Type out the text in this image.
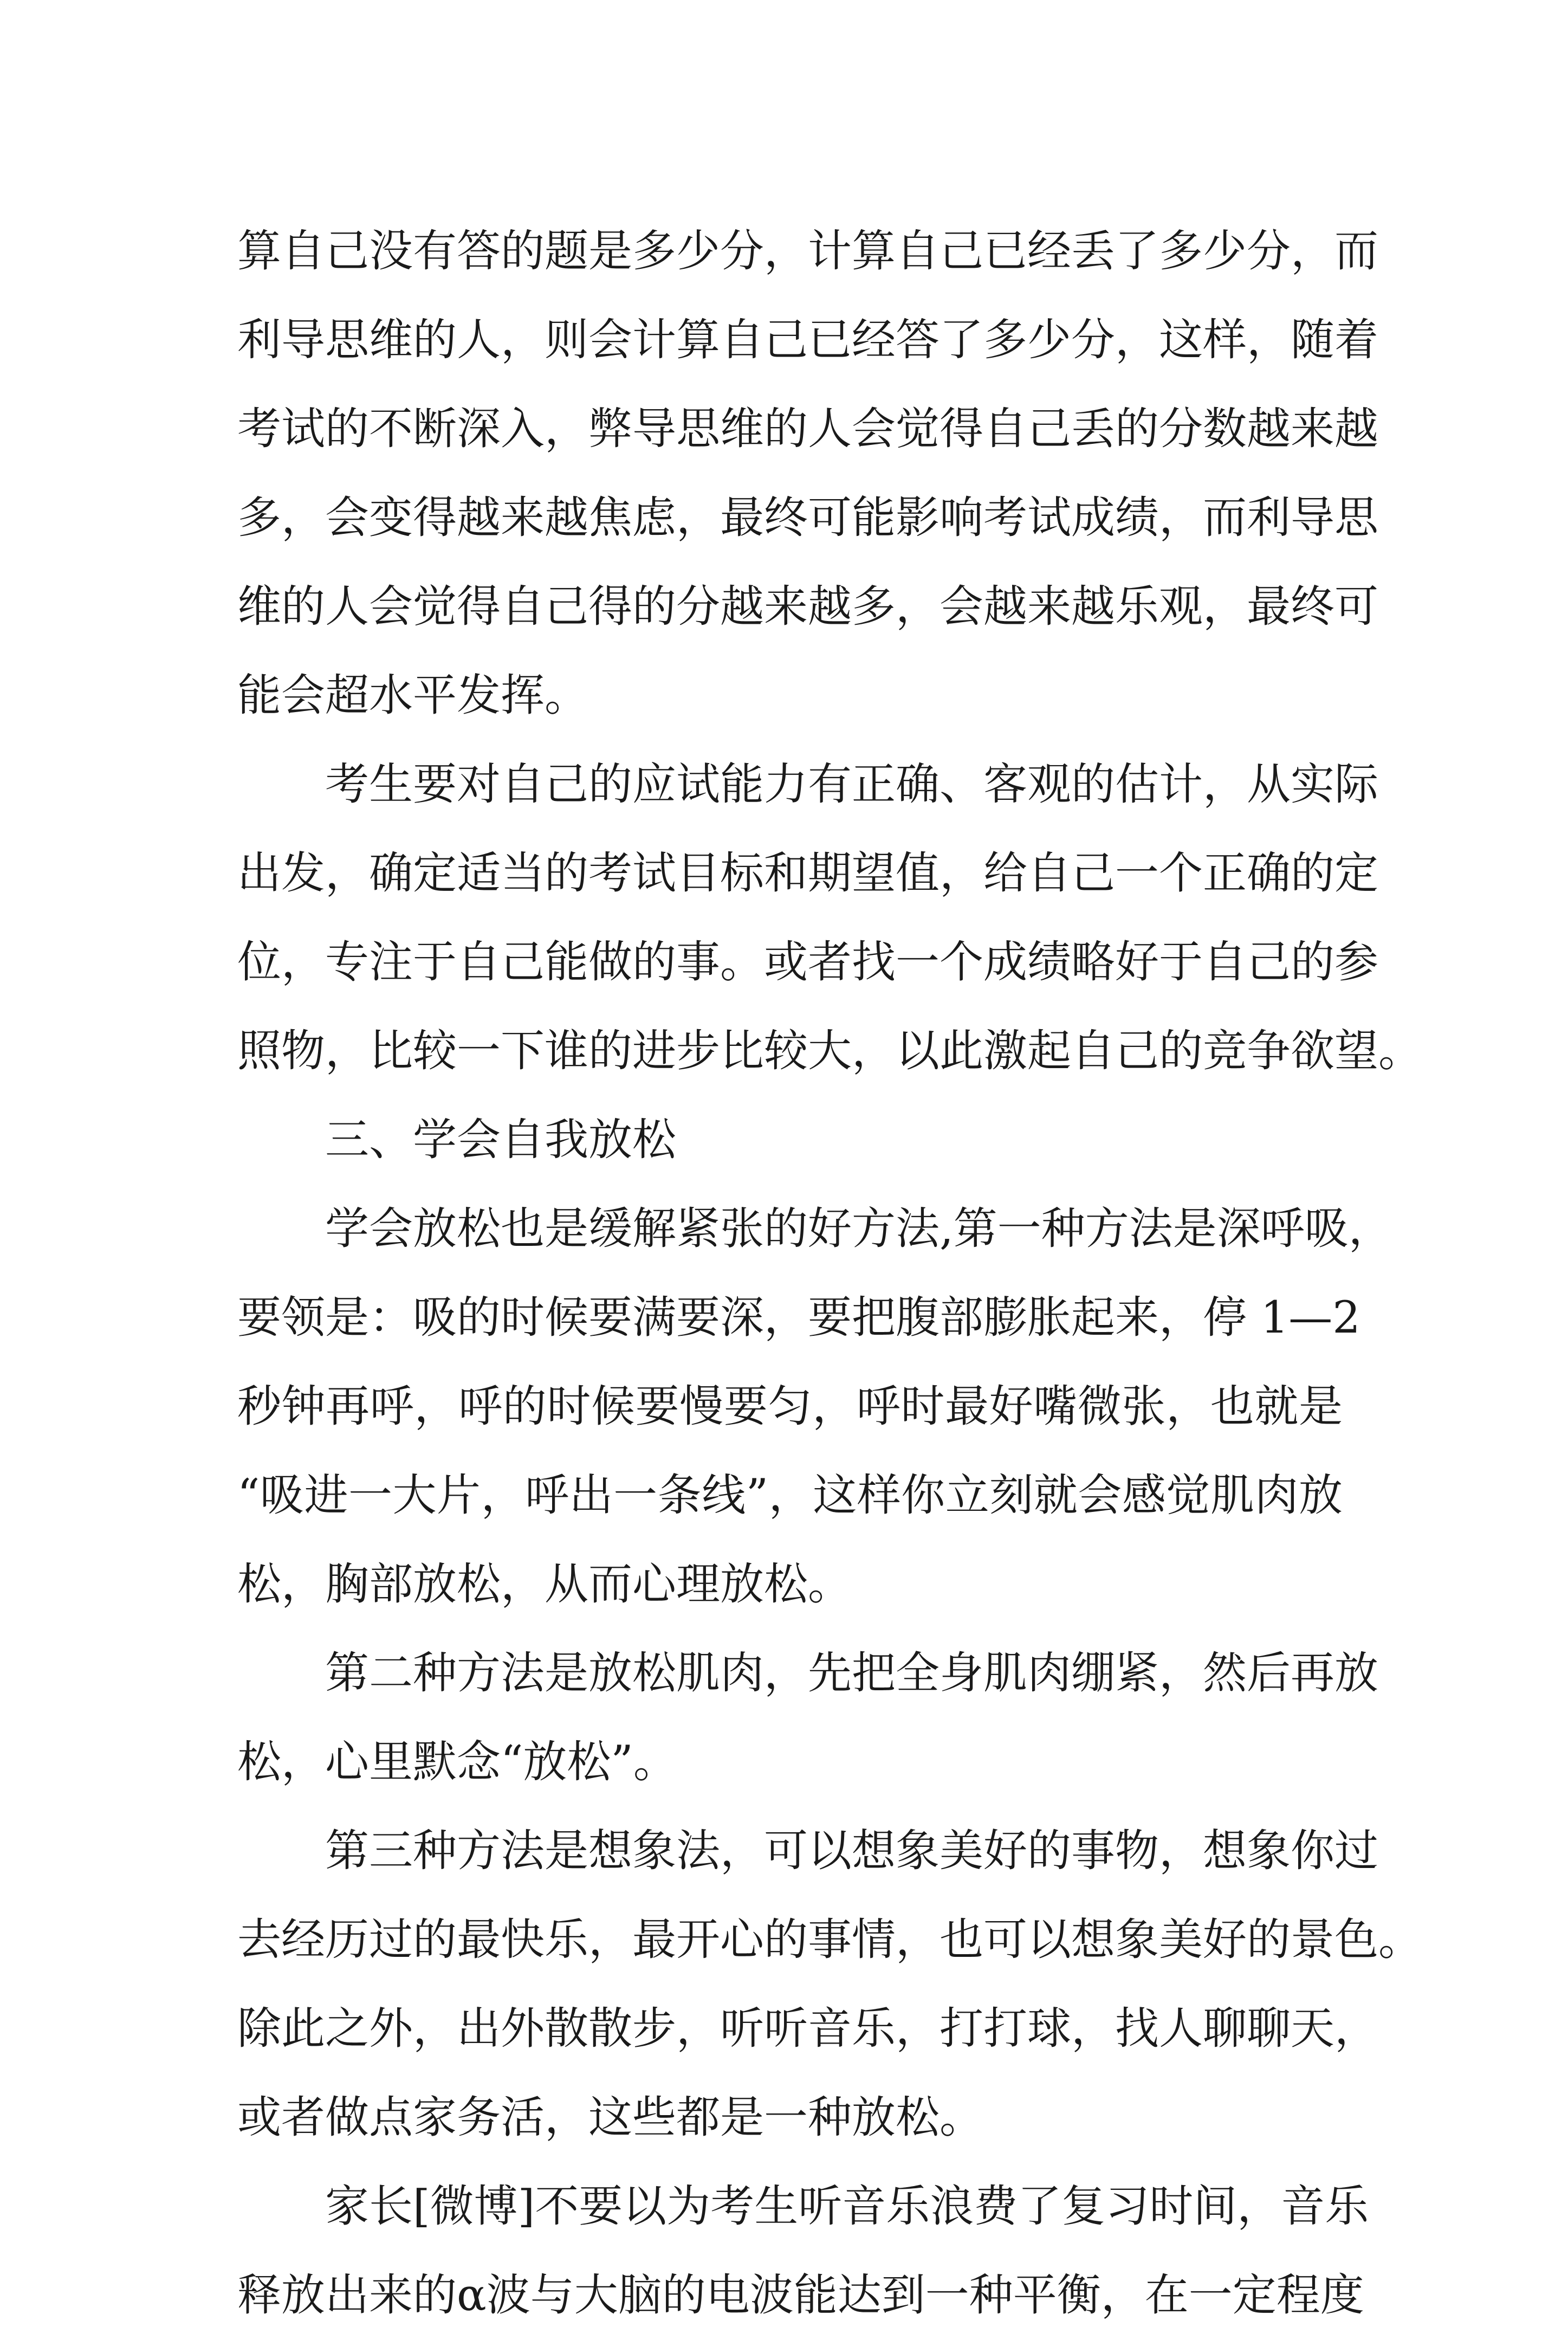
算自己没有答的题是多少分，计算自己已经丢了多少分，而
利导思维的人，则会计算自己已经答了多少分，这样，随着
考试的不断深入，弊导思维的人会觉得自己丢的分数越来越
多，会变得越来越焦虑，最终可能影响考试成绩，而利导思
维的人会觉得自己得的分越来越多，会越来越乐观，最终可
能会超水平发挥。
考生要对自己的应试能力有正确、客观的估计，从实际
出发，确定适当的考试目标和期望值，给自己一个正确的定
位，专注于自己能做的事。或者找一个成绩略好于自己的参
照物，比较一下谁的进步比较大，以此激起自己的竞争欲望。
三、学会自我放松
学会放松也是缓解紧张的好方法,第一种方法是深呼吸，
要领是：吸的时候要满要深，要把腹部膨胀起来，停 1—2
秒钟再呼，呼的时候要慢要匀，呼时最好嘴微张，也就是
“吸进一大片，呼出一条线”，这样你立刻就会感觉肌肉放
松，胸部放松，从而心理放松。
第二种方法是放松肌肉，先把全身肌肉绷紧，然后再放
松，心里默念“放松”。
第三种方法是想象法，可以想象美好的事物，想象你过
去经历过的最快乐，最开心的事情，也可以想象美好的景色。
除此之外，出外散散步，听听音乐，打打球，找人聊聊天，
或者做点家务活，这些都是一种放松。
家长[微博]不要以为考生听音乐浪费了复习时间，音乐
释放出来的α波与大脑的电波能达到一种平衡，在一定程度
